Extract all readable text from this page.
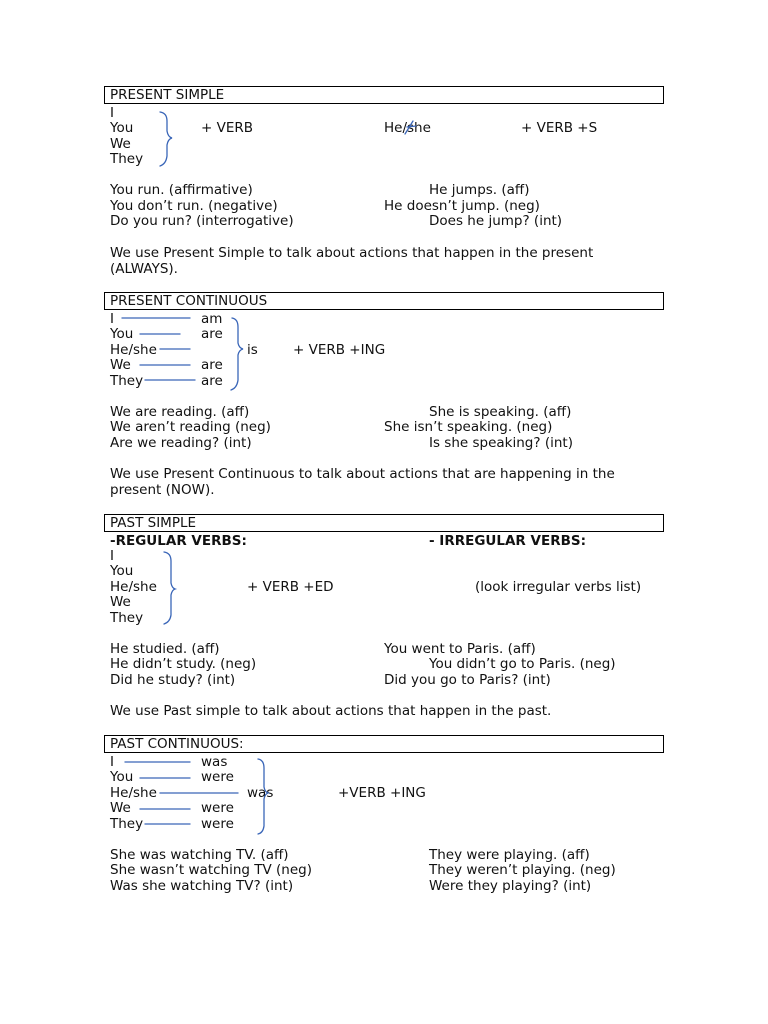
PRESENT SIMPLE
I
You
We
They
+ VERB	He/she	+ VERB +S
You run. (affirmative)	He jumps. (aff)
You don’t run. (negative)	He doesn’t jump. (neg)
Do you run? (interrogative)	Does he jump? (int)
We use Present Simple to talk about actions that happen in the present
(ALWAYS).
PRESENT CONTINUOUS
I	am
You	are
He/she	is	+ VERB +ING
We	are
They	are
We are reading. (aff)	She is speaking. (aff)
We aren’t reading (neg)	She isn’t speaking. (neg)
Are we reading? (int)	Is she speaking? (int)
We use Present Continuous to talk about actions that are happening in the
present (NOW).
PAST SIMPLE
-REGULAR VERBS:	- IRREGULAR VERBS:
I
You
He/she	+ VERB +ED	(look irregular verbs list)
We
They
He studied. (aff)	You went to Paris. (aff)
He didn’t study. (neg)	You didn’t go to Paris. (neg)
Did he study? (int)	Did you go to Paris? (int)
We use Past simple to talk about actions that happen in the past.
PAST CONTINUOUS:
I	was
You	were
He/she	was	+VERB +ING
We	were
They	were
She was watching TV. (aff)	They were playing. (aff)
She wasn’t watching TV (neg)	They weren’t playing. (neg)
Was she watching TV? (int)	Were they playing? (int)
